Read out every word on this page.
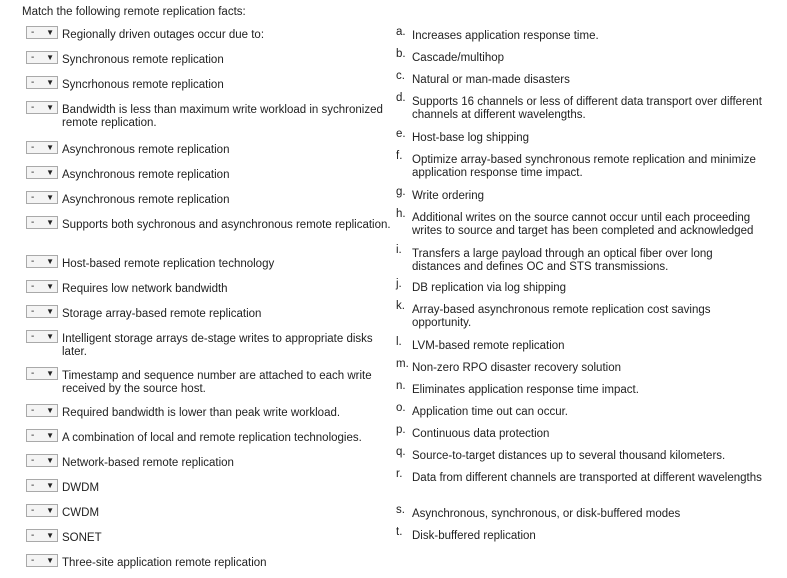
Match the following remote replication facts:
- ▼ Regionally driven outages occur due to:
- ▼ Synchronous remote replication
- ▼ Syncrhonous remote replication
- ▼ Bandwidth is less than maximum write workload in sychronized remote replication.
- ▼ Asynchronous remote replication
- ▼ Asynchronous remote replication
- ▼ Asynchronous remote replication
- ▼ Supports both sychronous and asynchronous remote replication.
- ▼ Host-based remote replication technology
- ▼ Requires low network bandwidth
- ▼ Storage array-based remote replication
- ▼ Intelligent storage arrays de-stage writes to appropriate disks later.
- ▼ Timestamp and sequence number are attached to each write received by the source host.
- ▼ Required bandwidth is lower than peak write workload.
- ▼ A combination of local and remote replication technologies.
- ▼ Network-based remote replication
- ▼ DWDM
- ▼ CWDM
- ▼ SONET
- ▼ Three-site application remote replication
a. Increases application response time.
b. Cascade/multihop
c. Natural or man-made disasters
d. Supports 16 channels or less of different data transport over different channels at different wavelengths.
e. Host-base log shipping
f. Optimize array-based synchronous remote replication and minimize application response time impact.
g. Write ordering
h. Additional writes on the source cannot occur until each proceeding writes to source and target has been completed and acknowledged
i. Transfers a large payload through an optical fiber over long distances and defines OC and STS transmissions.
j. DB replication via log shipping
k. Array-based asynchronous remote replication cost savings opportunity.
l. LVM-based remote replication
m. Non-zero RPO disaster recovery solution
n. Eliminates application response time impact.
o. Application time out can occur.
p. Continuous data protection
q. Source-to-target distances up to several thousand kilometers.
r. Data from different channels are transported at different wavelengths
s. Asynchronous, synchronous, or disk-buffered modes
t. Disk-buffered replication
